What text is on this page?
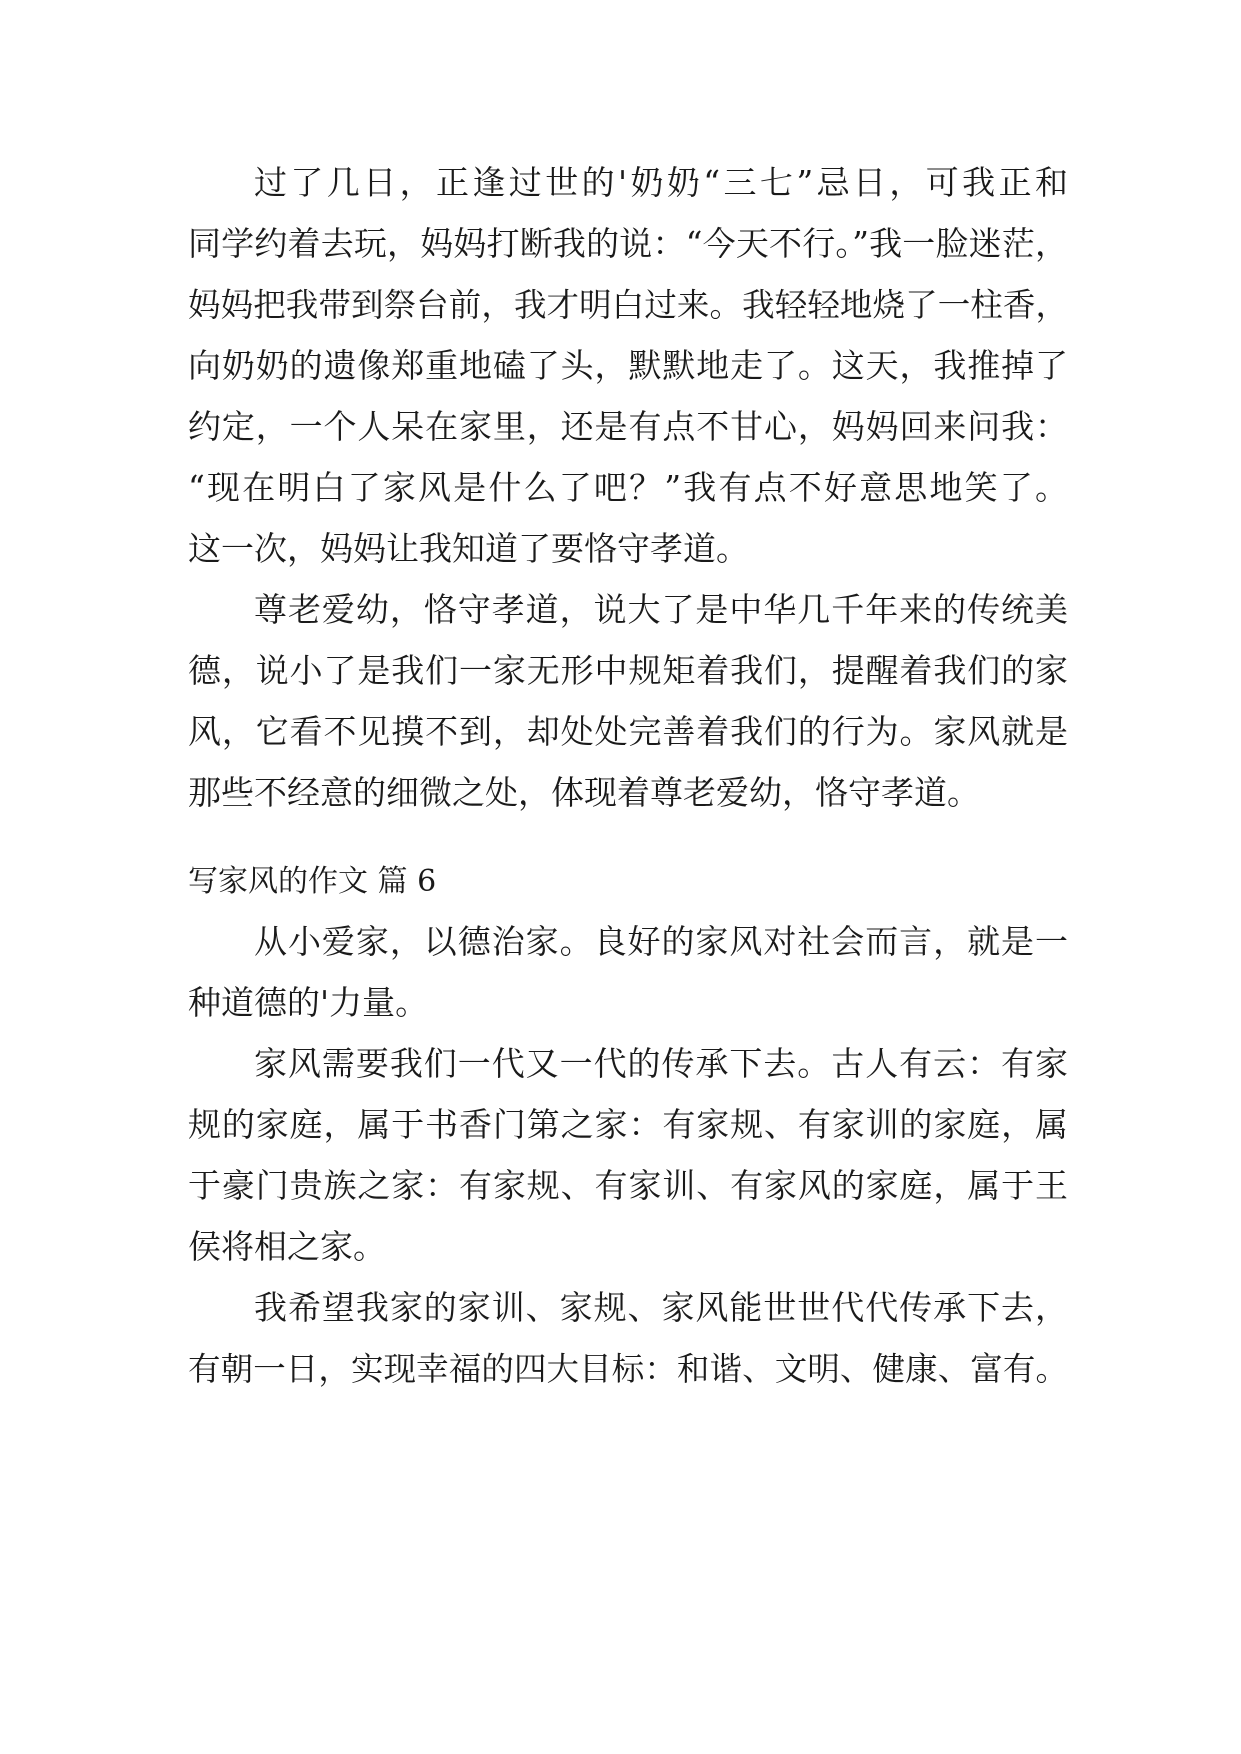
过了几日，正逢过世的'奶奶“三七”忌日，可我正和
同学约着去玩，妈妈打断我的说：“今天不行。”我一脸迷茫，
妈妈把我带到祭台前，我才明白过来。我轻轻地烧了一柱香，
向奶奶的遗像郑重地磕了头，默默地走了。这天，我推掉了
约定，一个人呆在家里，还是有点不甘心，妈妈回来问我：
“现在明白了家风是什么了吧？”我有点不好意思地笑了。
这一次，妈妈让我知道了要恪守孝道。
尊老爱幼，恪守孝道，说大了是中华几千年来的传统美
德，说小了是我们一家无形中规矩着我们，提醒着我们的家
风，它看不见摸不到，却处处完善着我们的行为。家风就是
那些不经意的细微之处，体现着尊老爱幼，恪守孝道。
写家风的作文 篇 6
从小爱家，以德治家。良好的家风对社会而言，就是一
种道德的'力量。
家风需要我们一代又一代的传承下去。古人有云：有家
规的家庭，属于书香门第之家：有家规、有家训的家庭，属
于豪门贵族之家：有家规、有家训、有家风的家庭，属于王
侯将相之家。
我希望我家的家训、家规、家风能世世代代传承下去，
有朝一日，实现幸福的四大目标：和谐、文明、健康、富有。
